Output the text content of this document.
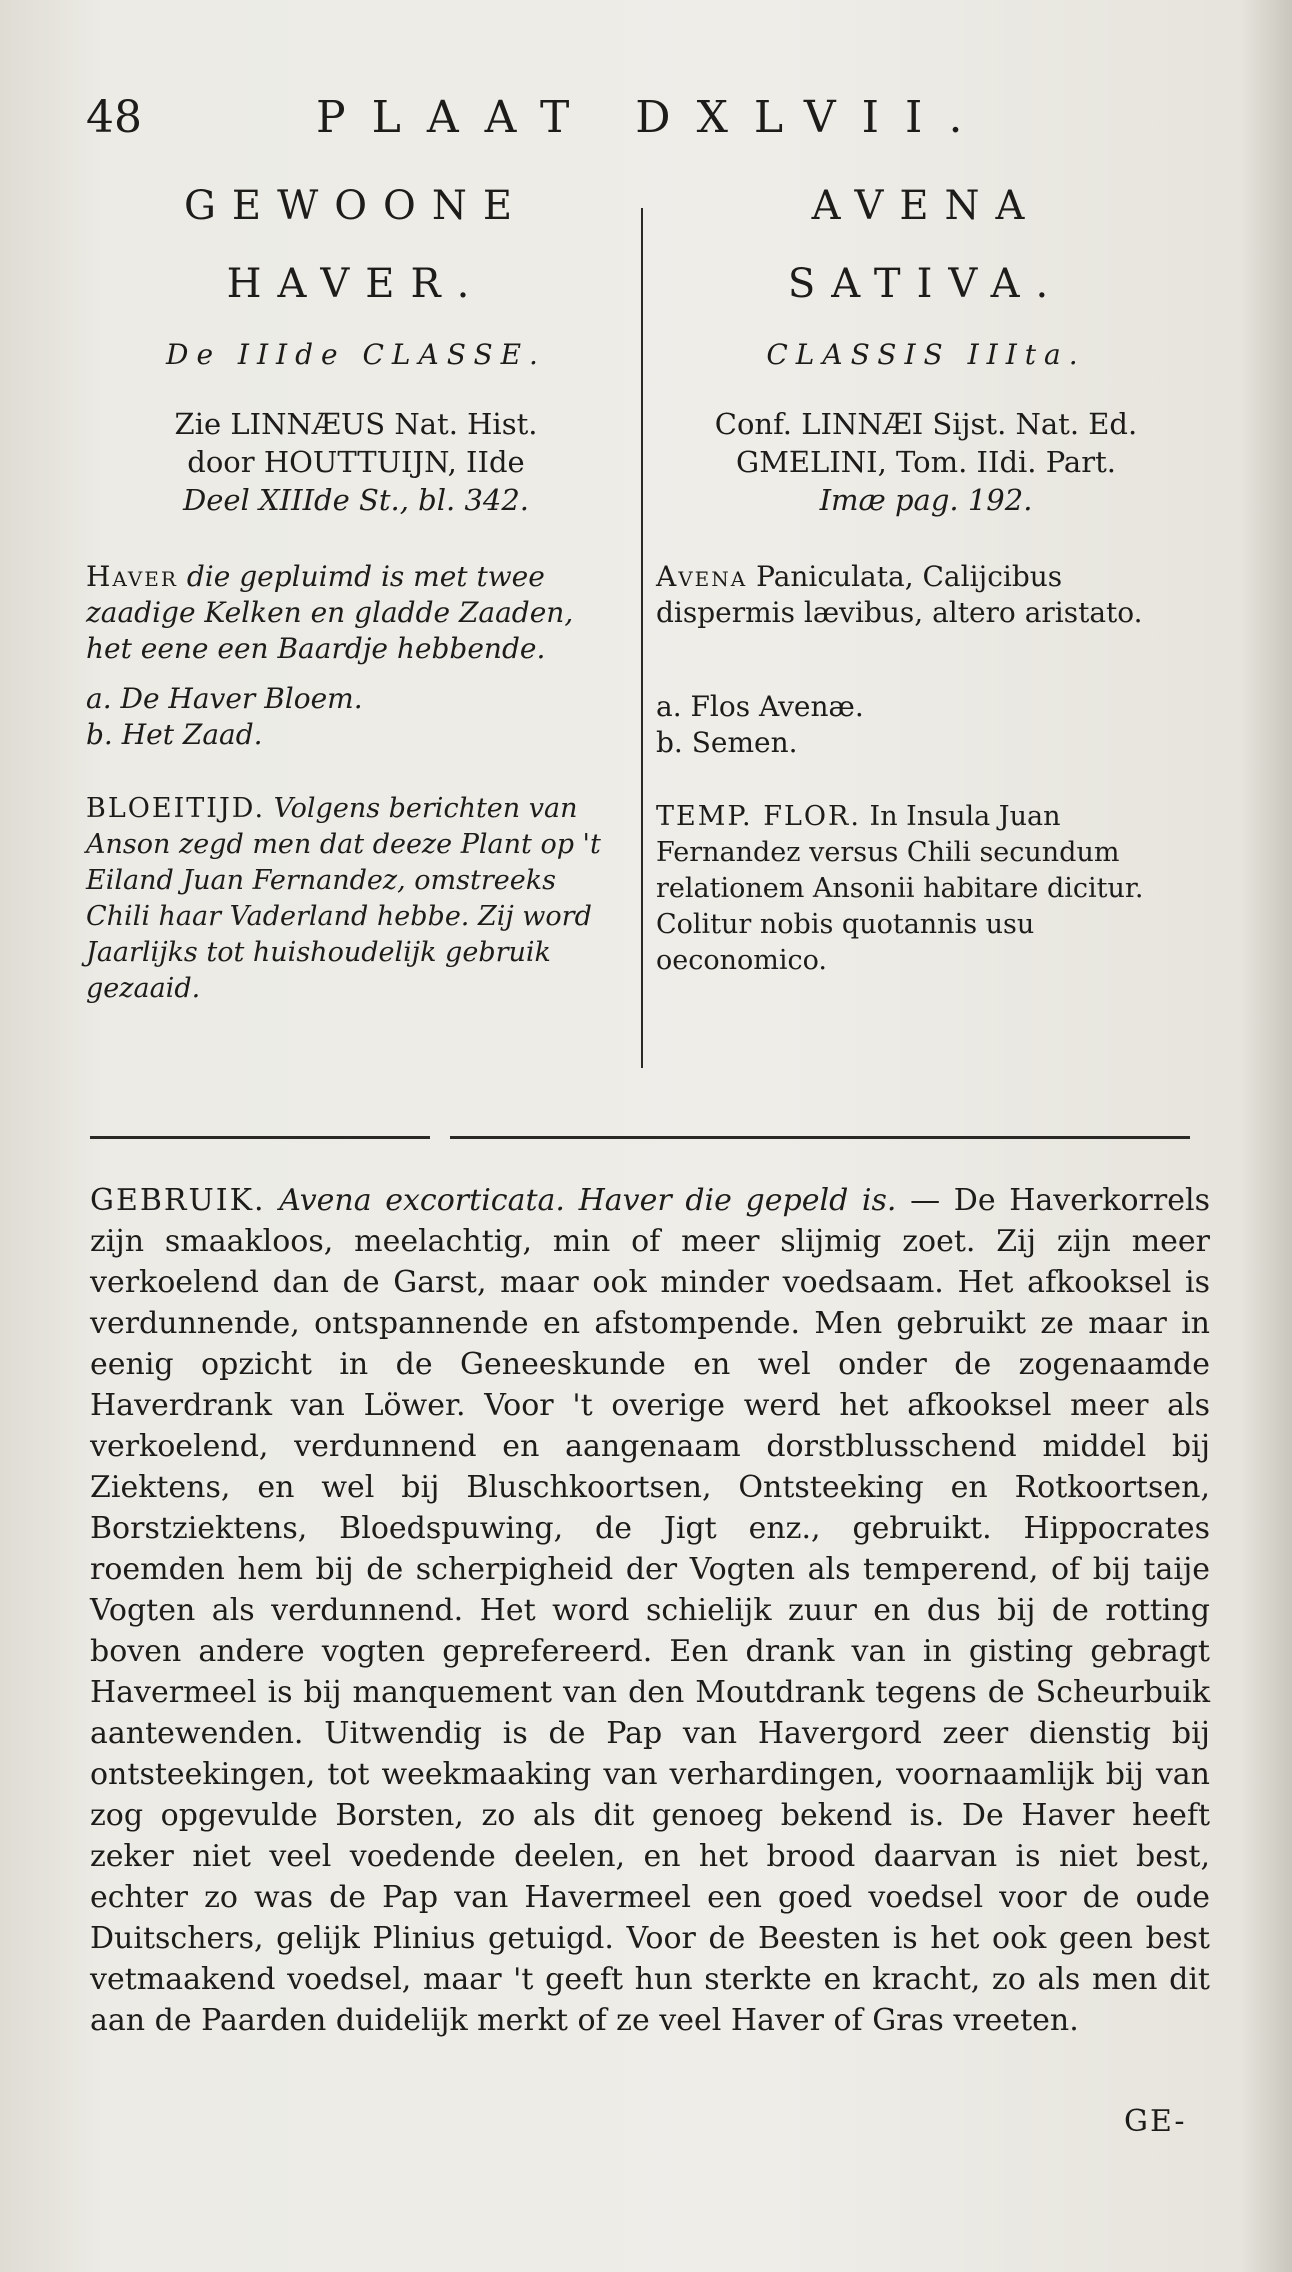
48	PLAAT DXLVII.
GEWOONE
HAVER.
De IIIde CLASSE.
Zie LINNÆUS Nat. Hist.
door HOUTTUIJN, IIde
Deel XIIIde St., bl. 342.
Haver die gepluimd is met twee zaadige Kelken en gladde Zaaden, het eene een Baardje hebbende.
a. De Haver Bloem.
b. Het Zaad.
BLOEITIJD. Volgens berichten van Anson zegd men dat deeze Plant op 't Eiland Juan Fernandez, omstreeks Chili haar Vaderland hebbe. Zij word Jaarlijks tot huishoudelijk gebruik gezaaid.
AVENA
SATIVA.
CLASSIS IIIta.
Conf. LINNÆI Sijst. Nat. Ed.
GMELINI, Tom. IIdi. Part.
Imæ pag. 192.
Avena Paniculata, Calijcibus dispermis lævibus, altero aristato.
a. Flos Avenæ.
b. Semen.
TEMP. FLOR. In Insula Juan Fernandez versus Chili secundum relationem Ansonii habitare dicitur. Colitur nobis quotannis usu oeconomico.
GEBRUIK. Avena excorticata. Haver die gepeld is. — De Haverkorrels zijn smaakloos, meelachtig, min of meer slijmig zoet. Zij zijn meer verkoelend dan de Garst, maar ook minder voedsaam. Het afkooksel is verdunnende, ontspannende en afstompende. Men gebruikt ze maar in eenig opzicht in de Geneeskunde en wel onder de zogenaamde Haverdrank van Löwer. Voor 't overige werd het afkooksel meer als verkoelend, verdunnend en aangenaam dorstblusschend middel bij Ziektens, en wel bij Bluschkoortsen, Ontsteeking en Rotkoortsen, Borstziektens, Bloedspuwing, de Jigt enz., gebruikt. Hippocrates roemden hem bij de scherpigheid der Vogten als temperend, of bij taije Vogten als verdunnend. Het word schielijk zuur en dus bij de rotting boven andere vogten geprefereerd. Een drank van in gisting gebragt Havermeel is bij manquement van den Moutdrank tegens de Scheurbuik aantewenden. Uitwendig is de Pap van Havergord zeer dienstig bij ontsteekingen, tot weekmaaking van verhardingen, voornaamlijk bij van zog opgevulde Borsten, zo als dit genoeg bekend is. De Haver heeft zeker niet veel voedende deelen, en het brood daarvan is niet best, echter zo was de Pap van Havermeel een goed voedsel voor de oude Duitschers, gelijk Plinius getuigd. Voor de Beesten is het ook geen best vetmaakend voedsel, maar 't geeft hun sterkte en kracht, zo als men dit aan de Paarden duidelijk merkt of ze veel Haver of Gras vreeten.
GE-
